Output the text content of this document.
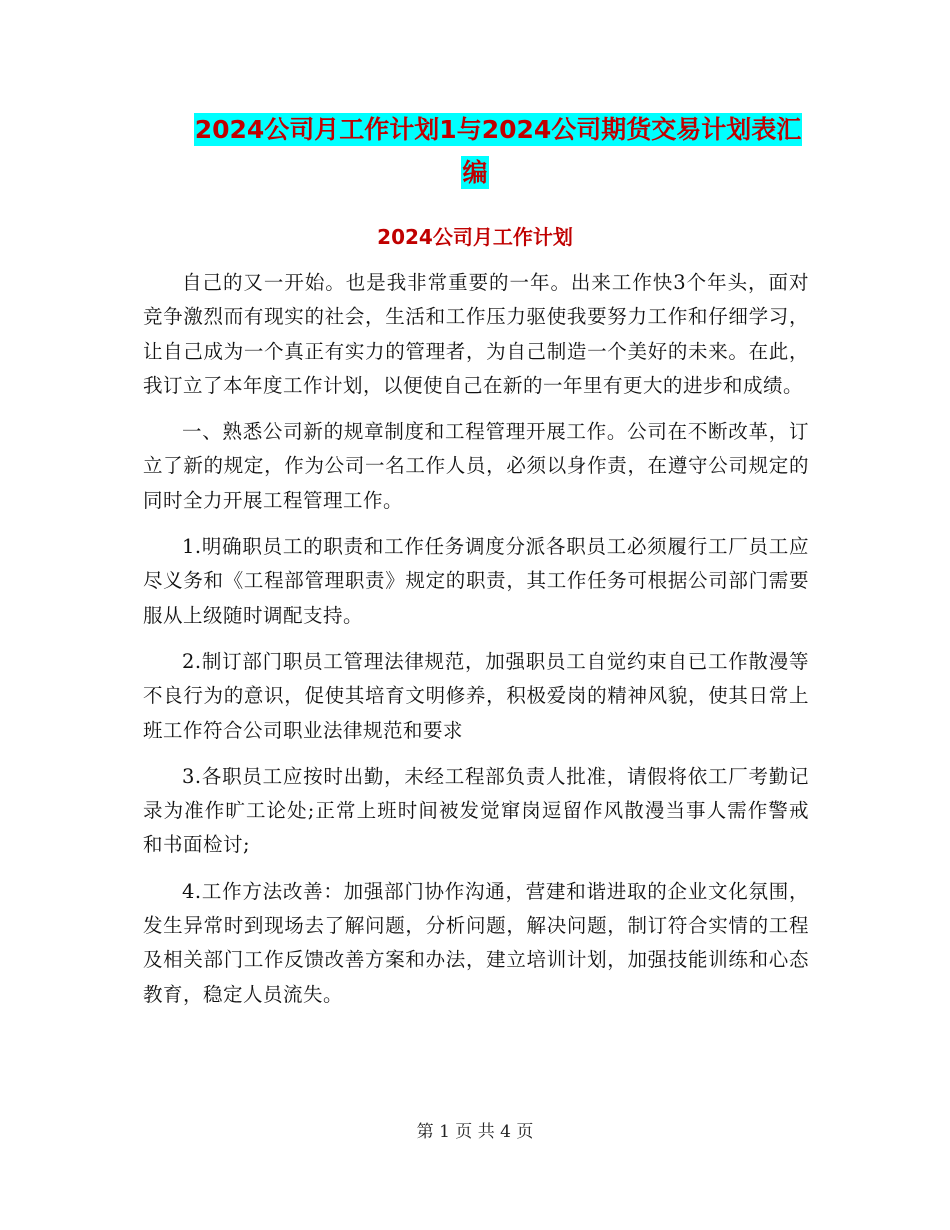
2024公司月工作计划1与2024公司期货交易计划表汇
编
2024公司月工作计划

自己的又一开始。也是我非常重要的一年。出来工作快3个年头，面对竞争激烈而有现实的社会，生活和工作压力驱使我要努力工作和仔细学习，让自己成为一个真正有实力的管理者，为自己制造一个美好的未来。在此，我订立了本年度工作计划，以便使自己在新的一年里有更大的进步和成绩。

一、熟悉公司新的规章制度和工程管理开展工作。公司在不断改革，订立了新的规定，作为公司一名工作人员，必须以身作责，在遵守公司规定的同时全力开展工程管理工作。

1.明确职员工的职责和工作任务调度分派各职员工必须履行工厂员工应尽义务和《工程部管理职责》规定的职责，其工作任务可根据公司部门需要服从上级随时调配支持。

2.制订部门职员工管理法律规范，加强职员工自觉约束自已工作散漫等不良行为的意识，促使其培育文明修养，积极爱岗的精神风貌，使其日常上班工作符合公司职业法律规范和要求

3.各职员工应按时出勤，未经工程部负责人批准，请假将依工厂考勤记录为准作旷工论处;正常上班时间被发觉窜岗逗留作风散漫当事人需作警戒和书面检讨;

4.工作方法改善：加强部门协作沟通，营建和谐进取的企业文化氛围，发生异常时到现场去了解问题，分析问题，解决问题，制订符合实情的工程及相关部门工作反馈改善方案和办法，建立培训计划，加强技能训练和心态教育，稳定人员流失。

第 1 页 共 4 页
